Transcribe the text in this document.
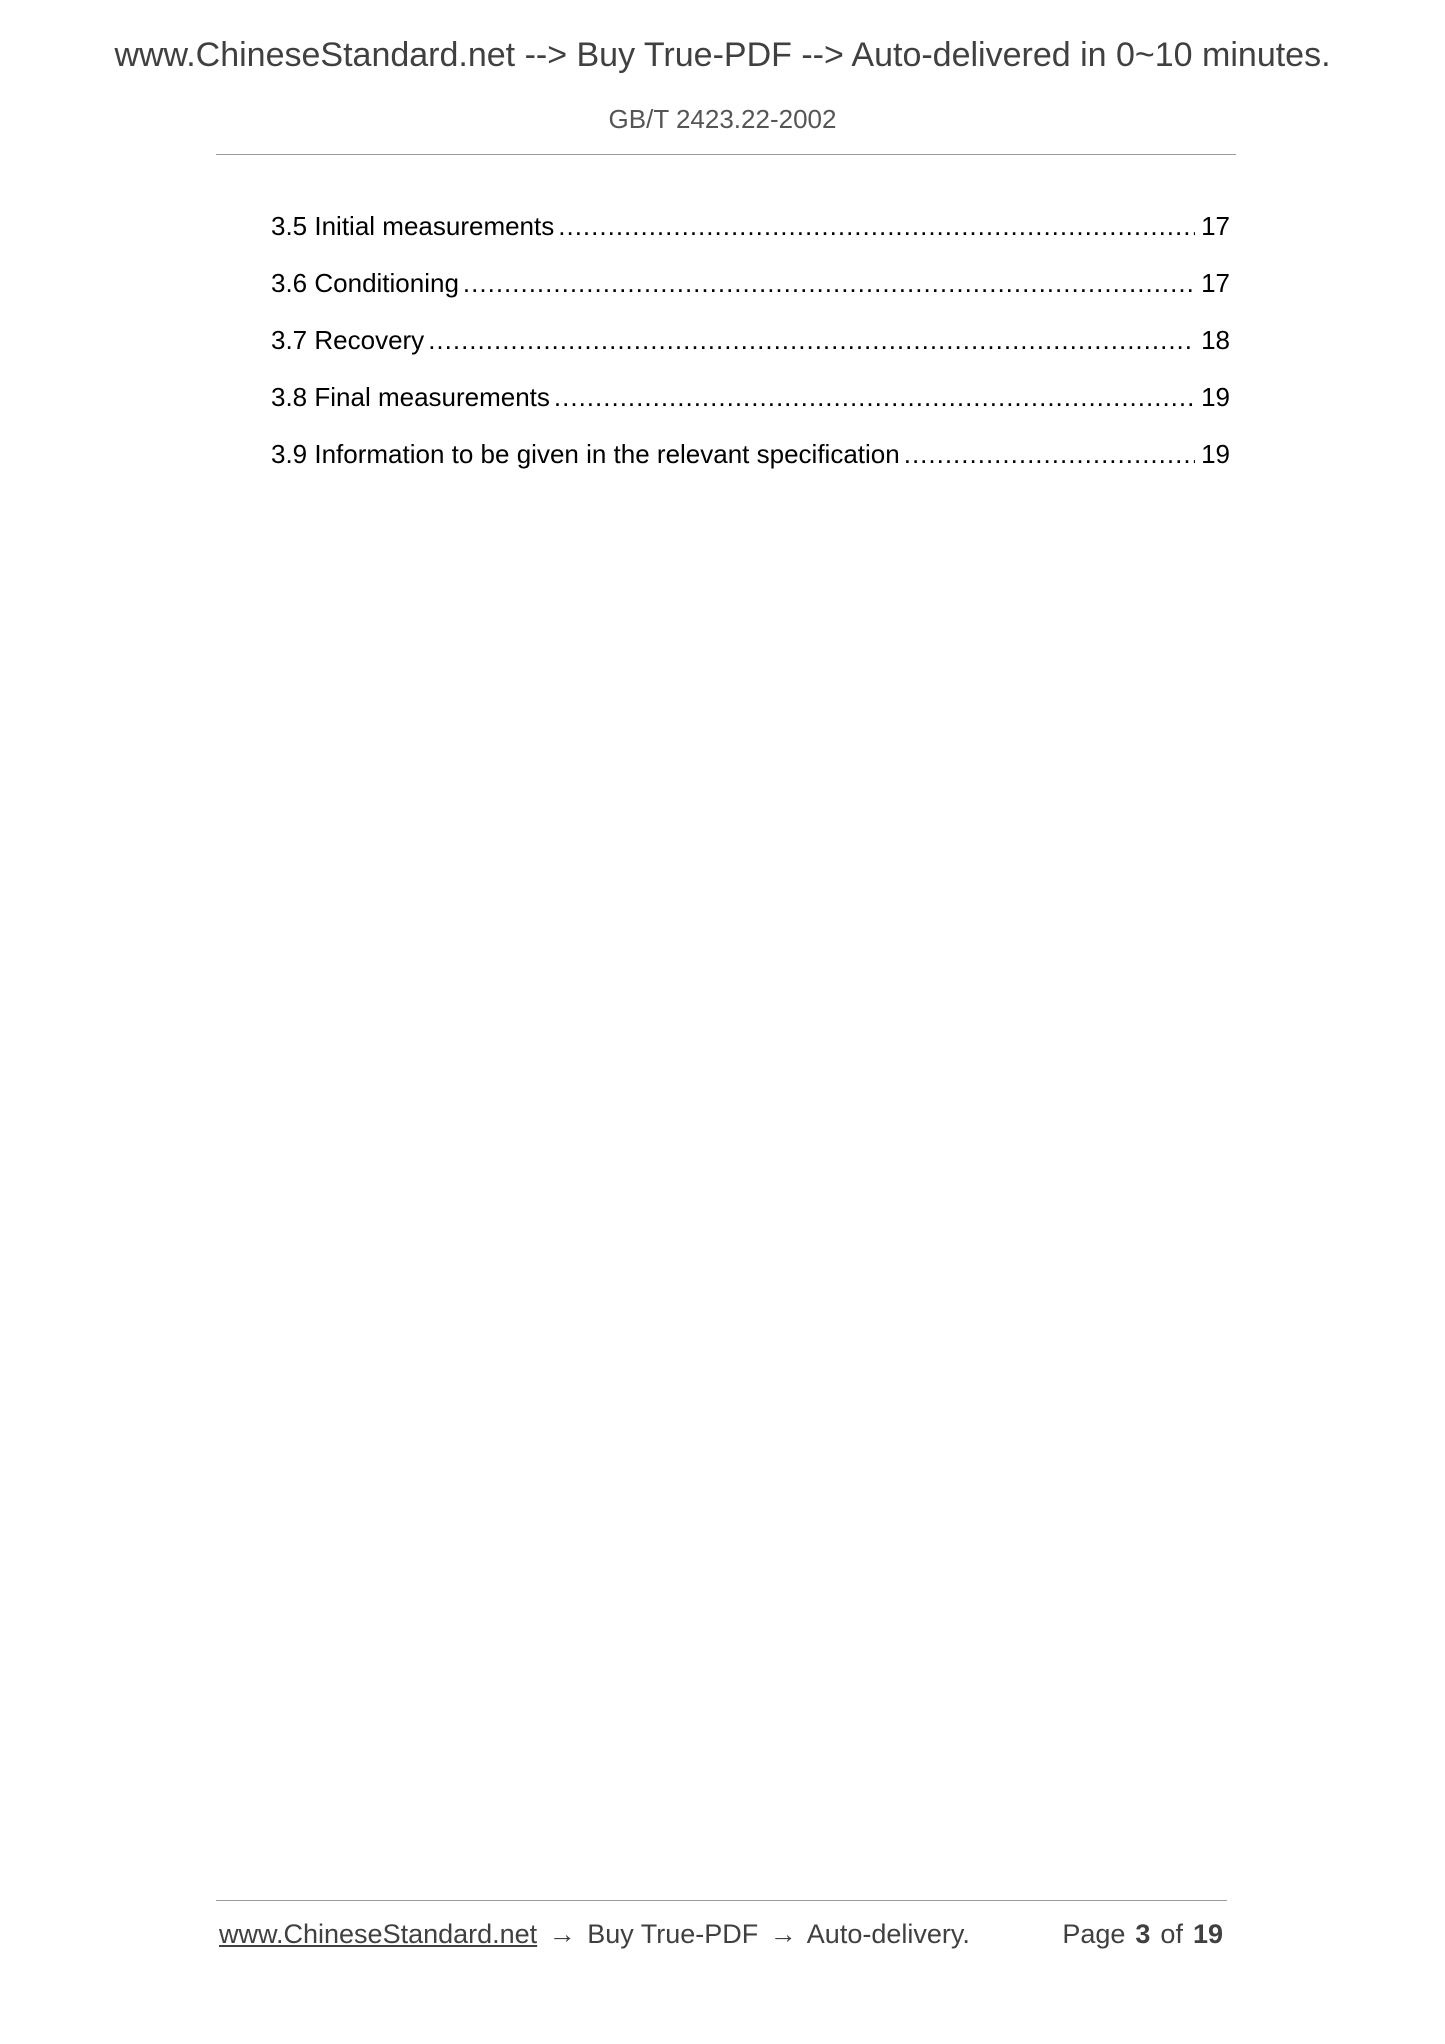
www.ChineseStandard.net --> Buy True-PDF --> Auto-delivered in 0~10 minutes.
GB/T 2423.22-2002
3.5 Initial measurements .....	17
3.6 Conditioning .....	17
3.7 Recovery .....	18
3.8 Final measurements .....	19
3.9 Information to be given in the relevant specification .....	19
www.ChineseStandard.net → Buy True-PDF → Auto-delivery.	Page 3 of 19
